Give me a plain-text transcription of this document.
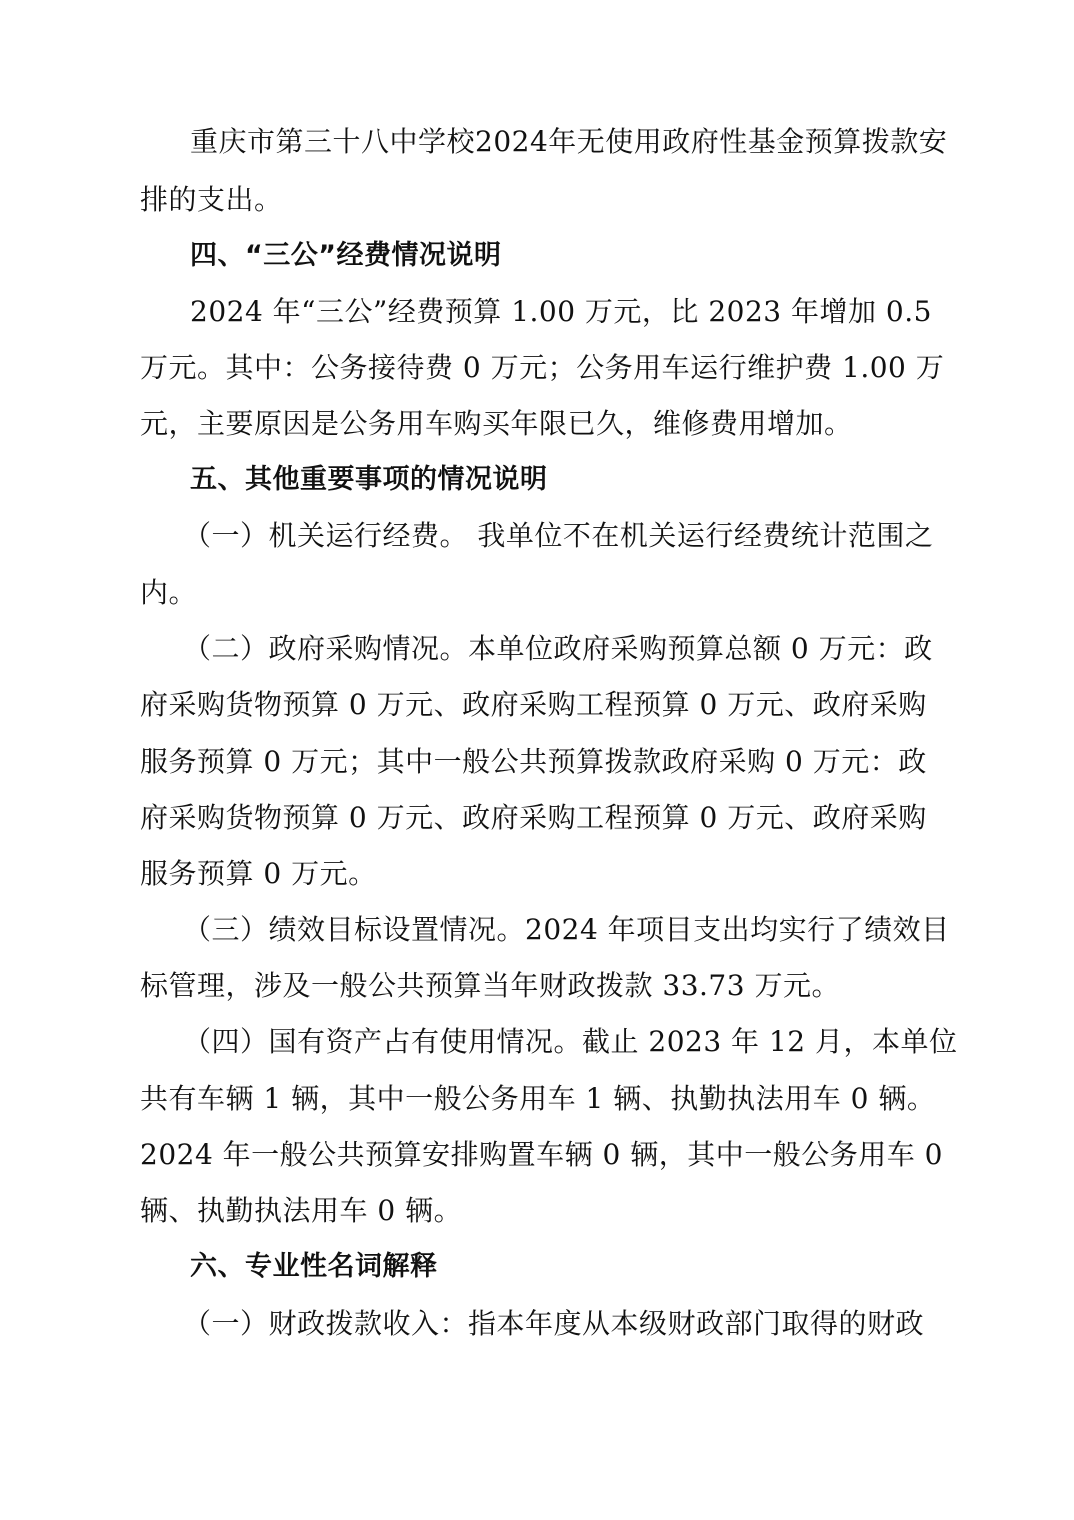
重庆市第三十八中学校2024年无使用政府性基金预算拨款安
排的支出。
四、“三公”经费情况说明
2024 年“三公”经费预算 1.00 万元，比 2023 年增加 0.5
万元。其中：公务接待费 0 万元；公务用车运行维护费 1.00 万
元，主要原因是公务用车购买年限已久，维修费用增加。
五、其他重要事项的情况说明
（一）机关运行经费。 我单位不在机关运行经费统计范围之
内。
（二）政府采购情况。本单位政府采购预算总额 0 万元：政
府采购货物预算 0 万元、政府采购工程预算 0 万元、政府采购
服务预算 0 万元；其中一般公共预算拨款政府采购 0 万元：政
府采购货物预算 0 万元、政府采购工程预算 0 万元、政府采购
服务预算 0 万元。
（三）绩效目标设置情况。2024 年项目支出均实行了绩效目
标管理，涉及一般公共预算当年财政拨款 33.73 万元。
（四）国有资产占有使用情况。截止 2023 年 12 月，本单位
共有车辆 1 辆，其中一般公务用车 1 辆、执勤执法用车 0 辆。
2024 年一般公共预算安排购置车辆 0 辆，其中一般公务用车 0
辆、执勤执法用车 0 辆。
六、专业性名词解释
（一）财政拨款收入：指本年度从本级财政部门取得的财政
